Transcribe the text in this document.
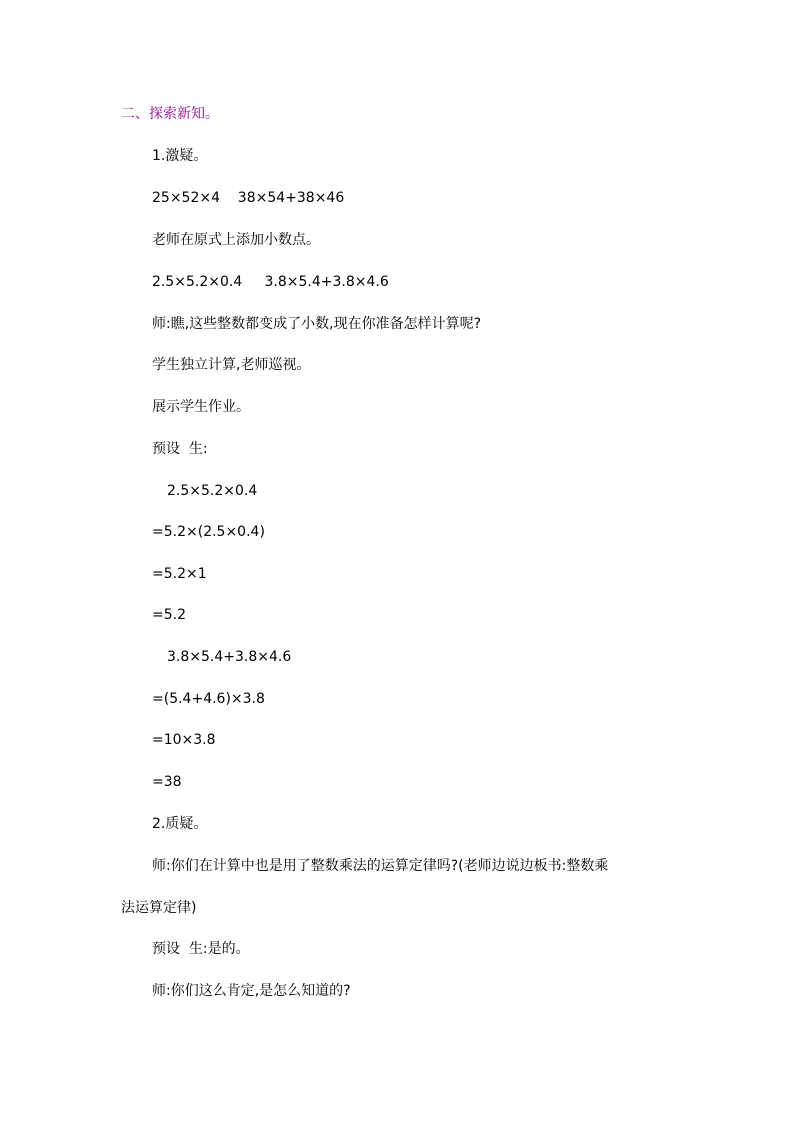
二、探索新知。
1.激疑。
25×52×4    38×54+38×46
老师在原式上添加小数点。
2.5×5.2×0.4     3.8×5.4+3.8×4.6
师:瞧,这些整数都变成了小数,现在你准备怎样计算呢?
学生独立计算,老师巡视。
展示学生作业。
预设  生:
2.5×5.2×0.4
=5.2×(2.5×0.4)
=5.2×1
=5.2
3.8×5.4+3.8×4.6
=(5.4+4.6)×3.8
=10×3.8
=38
2.质疑。
师:你们在计算中也是用了整数乘法的运算定律吗?(老师边说边板书:整数乘
法运算定律)
预设  生:是的。
师:你们这么肯定,是怎么知道的?
